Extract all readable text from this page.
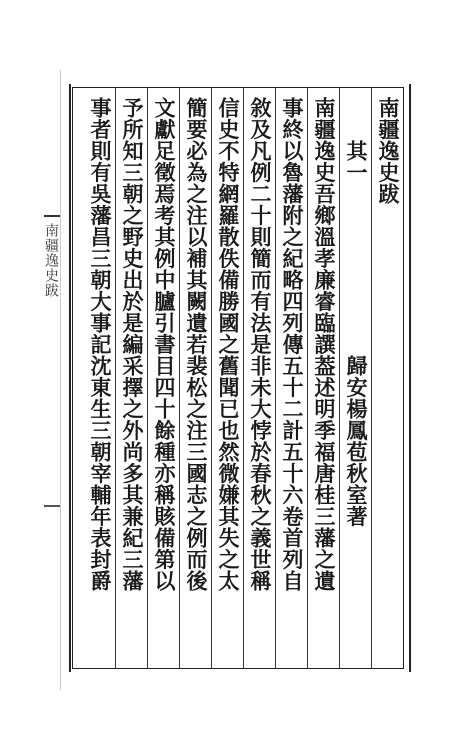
南疆逸史跋
南疆逸史跋
　　其一　　　　　　　　歸安楊鳳苞秋室著
南疆逸史吾鄉溫孝廉睿臨譔葢述明季福唐桂三藩之遺
事終以魯藩附之紀略四列傳五十二計五十六卷首列自
敘及凡例二十則簡而有法是非未大悖於春秋之義世稱
信史不特網羅散佚備勝國之舊聞已也然微嫌其失之太
簡要必為之注以補其闕遺若裴松之注三國志之例而後
文獻足徵焉考其例中臚引書目四十餘種亦稱賅備第以
予所知三朝之野史出於是編采擇之外尚多其兼紀三藩
事者則有吳藩昌三朝大事記沈東生三朝宰輔年表封爵
